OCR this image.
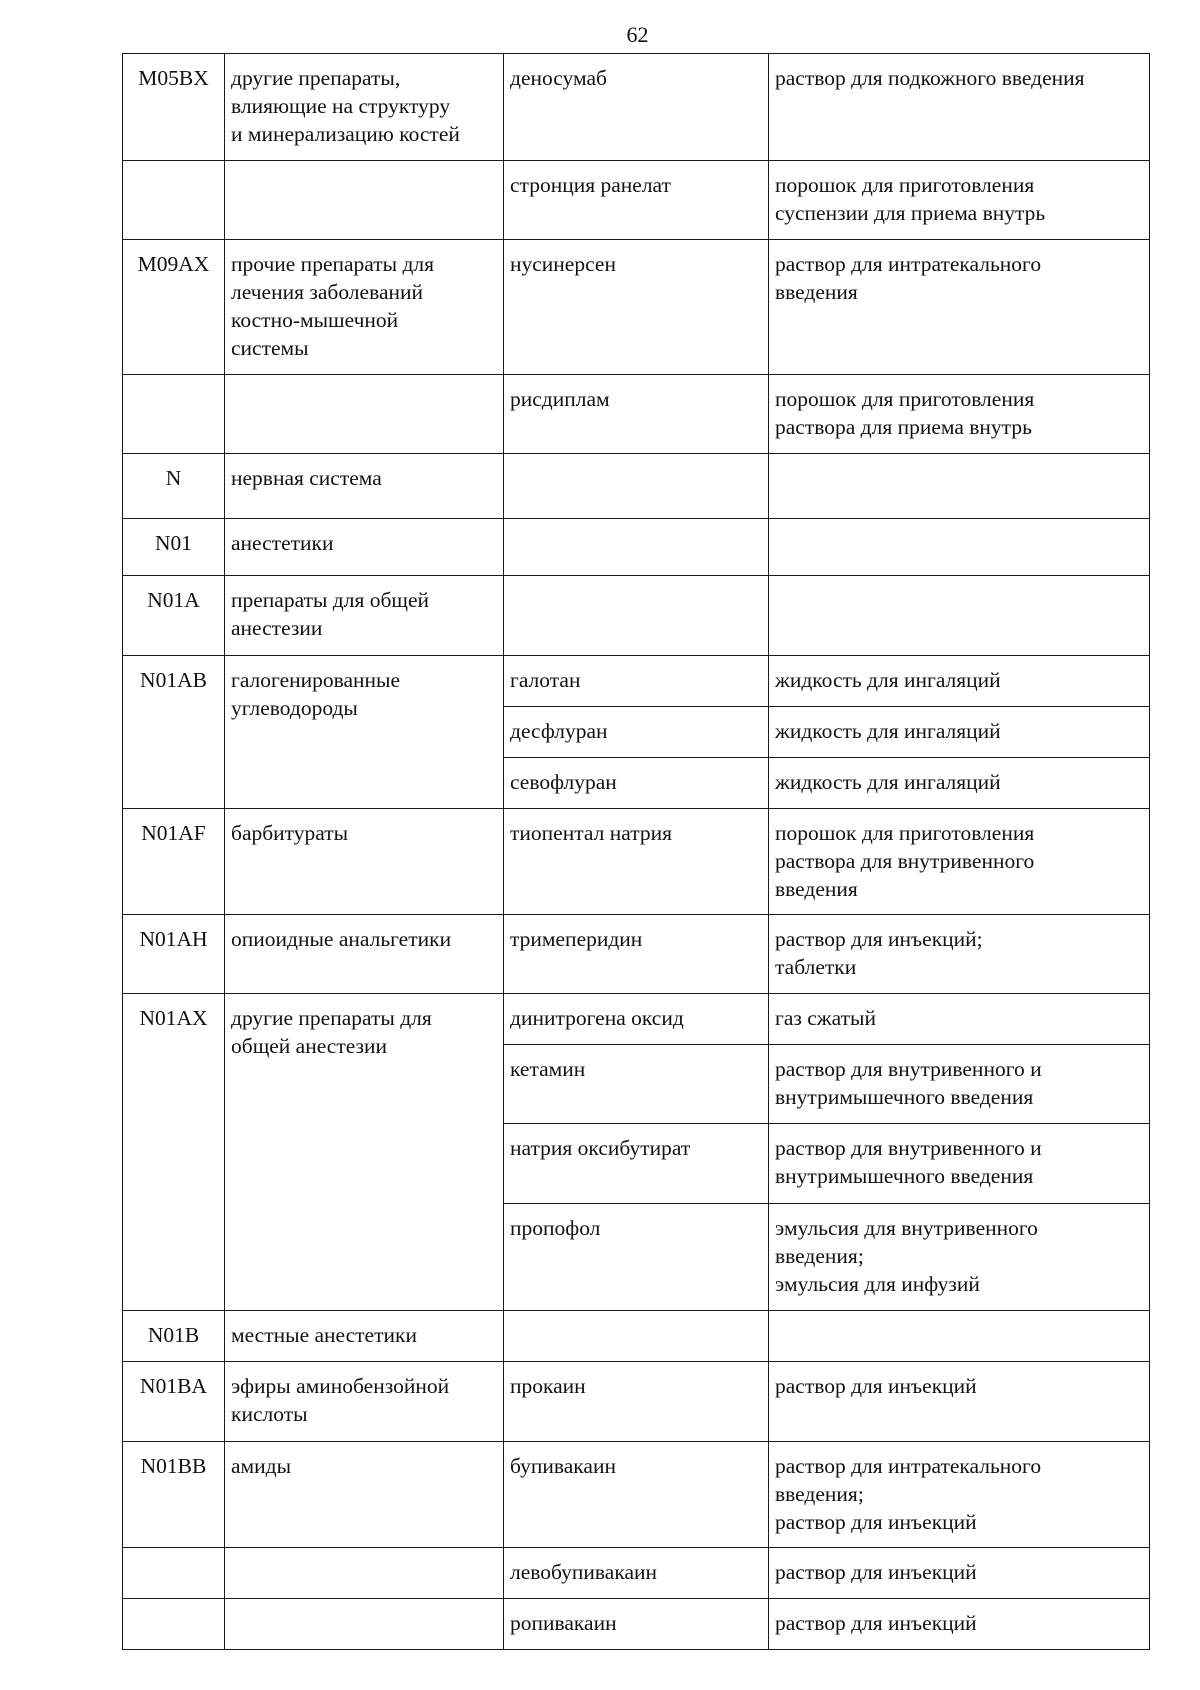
62
M05BX	другие препараты,
влияющие на структуру
и минерализацию костей	деносумаб	раствор для подкожного введения
		стронция ранелат	порошок для приготовления
суспензии для приема внутрь
M09AX	прочие препараты для
лечения заболеваний
костно-мышечной
системы	нусинерсен	раствор для интратекального
введения
		рисдиплам	порошок для приготовления
раствора для приема внутрь
N	нервная система		
N01	анестетики		
N01A	препараты для общей
анестезии		
N01AB	галогенированные
углеводороды	галотан	жидкость для ингаляций
		десфлуран	жидкость для ингаляций
		севофлуран	жидкость для ингаляций
N01AF	барбитураты	тиопентал натрия	порошок для приготовления
раствора для внутривенного
введения
N01AH	опиоидные анальгетики	тримеперидин	раствор для инъекций;
таблетки
N01AX	другие препараты для
общей анестезии	динитрогена оксид	газ сжатый
		кетамин	раствор для внутривенного и
внутримышечного введения
		натрия оксибутират	раствор для внутривенного и
внутримышечного введения
		пропофол	эмульсия для внутривенного
введения;
эмульсия для инфузий
N01B	местные анестетики		
N01BA	эфиры аминобензойной
кислоты	прокаин	раствор для инъекций
N01BB	амиды	бупивакаин	раствор для интратекального
введения;
раствор для инъекций
		левобупивакаин	раствор для инъекций
		ропивакаин	раствор для инъекций
